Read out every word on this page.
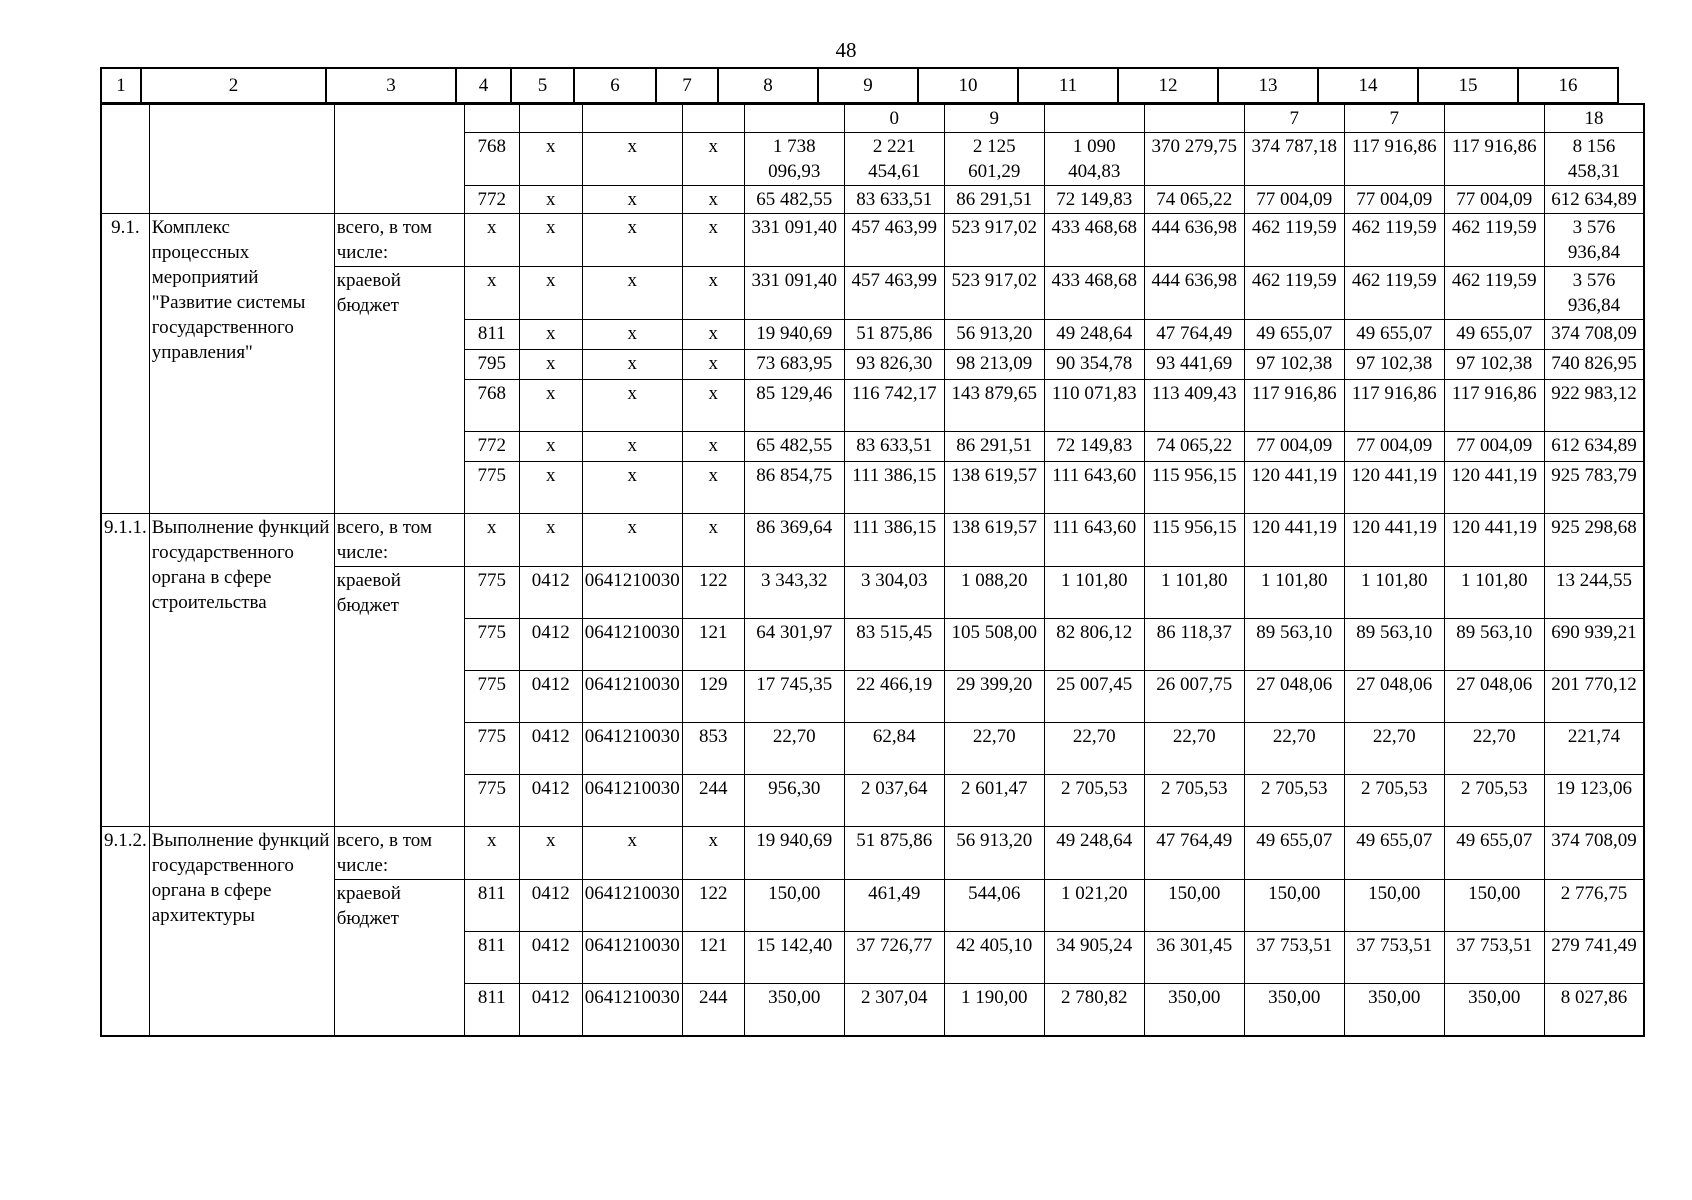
48
1	2	3	4	5	6	7	8	9	10	11	12	13	14	15	16
								0	9			7	7		18
			768	x	x	x	1 738 096,93	2 221 454,61	2 125 601,29	1 090 404,83	370 279,75	374 787,18	117 916,86	117 916,86	8 156 458,31
			772	x	x	x	65 482,55	83 633,51	86 291,51	72 149,83	74 065,22	77 004,09	77 004,09	77 004,09	612 634,89
9.1.	Комплекс процессных мероприятий "Развитие системы государственного управления"	всего, в том числе:	x	x	x	x	331 091,40	457 463,99	523 917,02	433 468,68	444 636,98	462 119,59	462 119,59	462 119,59	3 576 936,84
		краевой бюджет	x	x	x	x	331 091,40	457 463,99	523 917,02	433 468,68	444 636,98	462 119,59	462 119,59	462 119,59	3 576 936,84
			811	x	x	x	19 940,69	51 875,86	56 913,20	49 248,64	47 764,49	49 655,07	49 655,07	49 655,07	374 708,09
			795	x	x	x	73 683,95	93 826,30	98 213,09	90 354,78	93 441,69	97 102,38	97 102,38	97 102,38	740 826,95
			768	x	x	x	85 129,46	116 742,17	143 879,65	110 071,83	113 409,43	117 916,86	117 916,86	117 916,86	922 983,12
			772	x	x	x	65 482,55	83 633,51	86 291,51	72 149,83	74 065,22	77 004,09	77 004,09	77 004,09	612 634,89
			775	x	x	x	86 854,75	111 386,15	138 619,57	111 643,60	115 956,15	120 441,19	120 441,19	120 441,19	925 783,79
9.1.1.	Выполнение функций государственного органа в сфере строительства	всего, в том числе:	x	x	x	x	86 369,64	111 386,15	138 619,57	111 643,60	115 956,15	120 441,19	120 441,19	120 441,19	925 298,68
		краевой бюджет	775	0412	0641210030	122	3 343,32	3 304,03	1 088,20	1 101,80	1 101,80	1 101,80	1 101,80	1 101,80	13 244,55
			775	0412	0641210030	121	64 301,97	83 515,45	105 508,00	82 806,12	86 118,37	89 563,10	89 563,10	89 563,10	690 939,21
			775	0412	0641210030	129	17 745,35	22 466,19	29 399,20	25 007,45	26 007,75	27 048,06	27 048,06	27 048,06	201 770,12
			775	0412	0641210030	853	22,70	62,84	22,70	22,70	22,70	22,70	22,70	22,70	221,74
			775	0412	0641210030	244	956,30	2 037,64	2 601,47	2 705,53	2 705,53	2 705,53	2 705,53	2 705,53	19 123,06
9.1.2.	Выполнение функций государственного органа в сфере архитектуры	всего, в том числе:	x	x	x	x	19 940,69	51 875,86	56 913,20	49 248,64	47 764,49	49 655,07	49 655,07	49 655,07	374 708,09
		краевой бюджет	811	0412	0641210030	122	150,00	461,49	544,06	1 021,20	150,00	150,00	150,00	150,00	2 776,75
			811	0412	0641210030	121	15 142,40	37 726,77	42 405,10	34 905,24	36 301,45	37 753,51	37 753,51	37 753,51	279 741,49
			811	0412	0641210030	244	350,00	2 307,04	1 190,00	2 780,82	350,00	350,00	350,00	350,00	8 027,86
